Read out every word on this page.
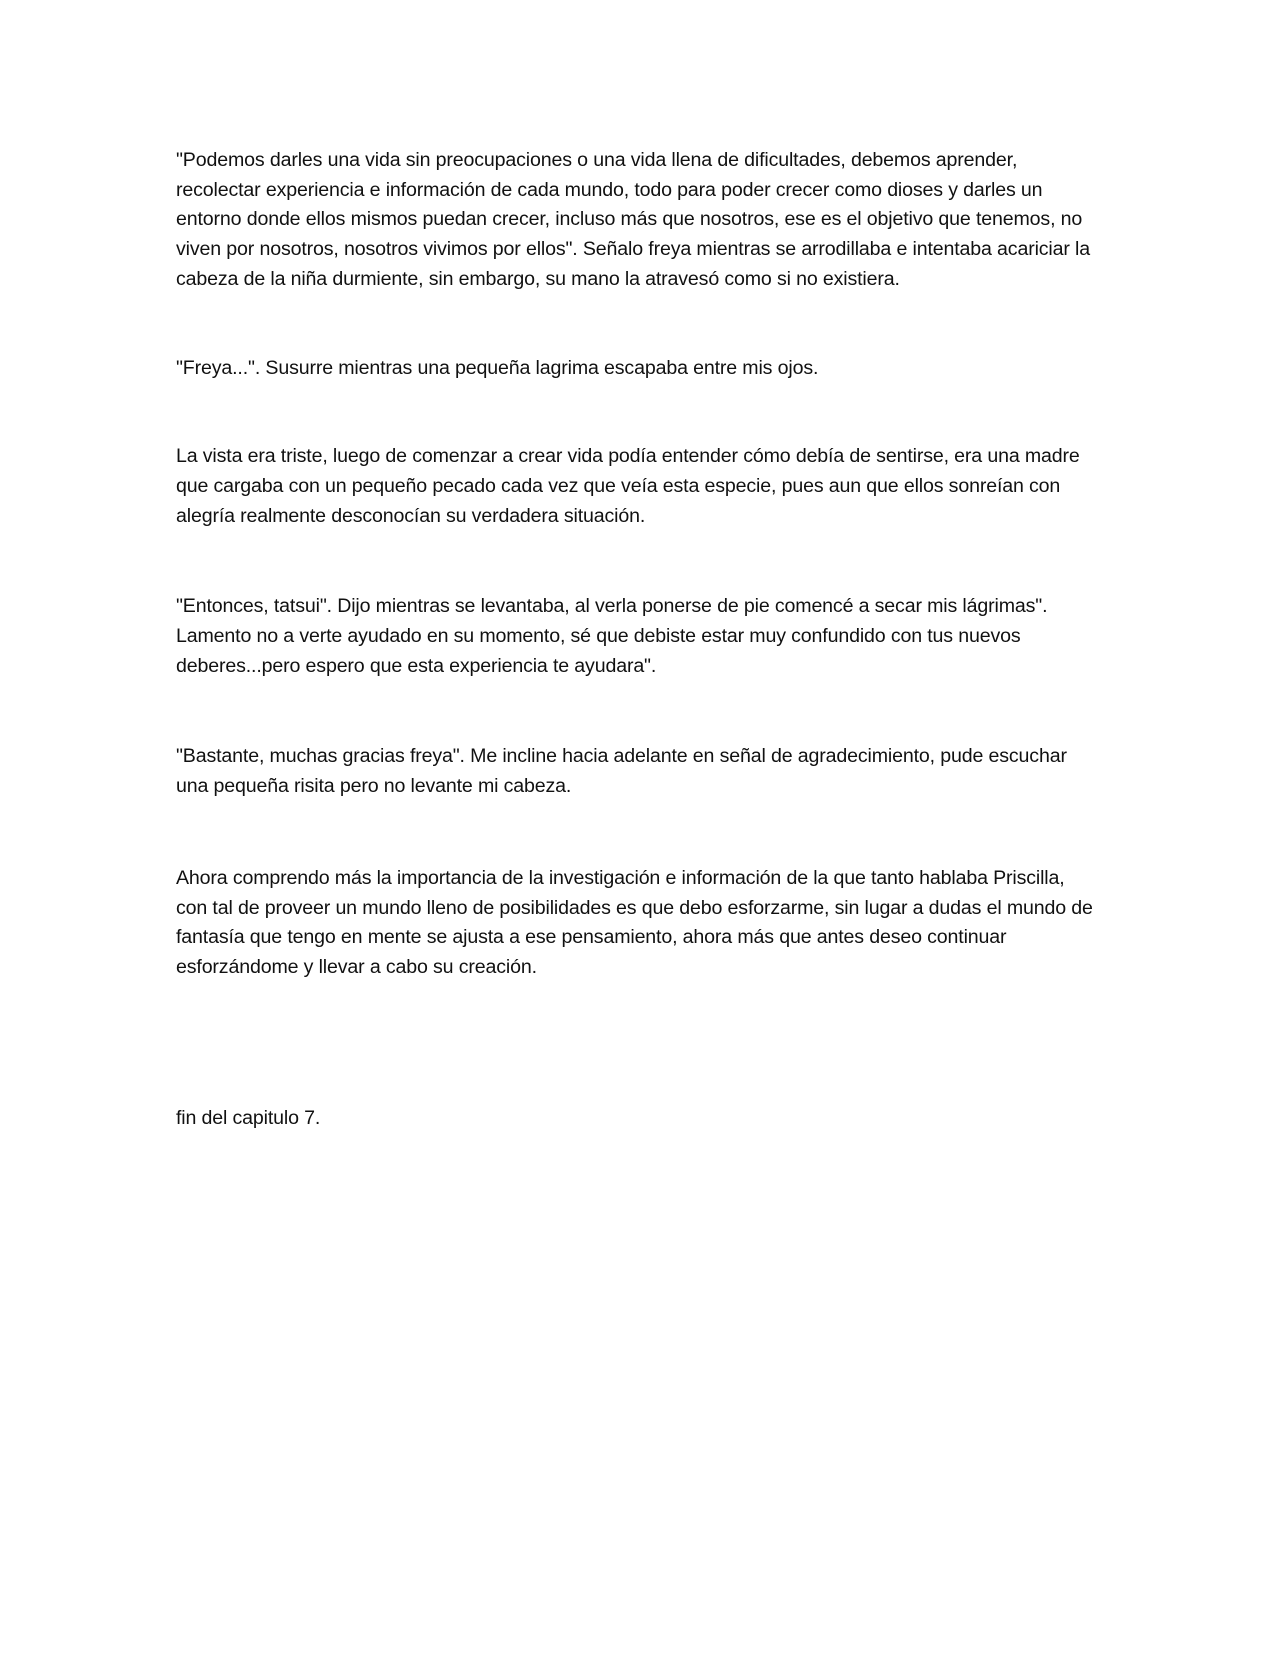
"Podemos darles una vida sin preocupaciones o una vida llena de dificultades, debemos aprender, recolectar experiencia e información de cada mundo, todo para poder crecer como dioses y darles un entorno donde ellos mismos puedan crecer, incluso más que nosotros, ese es el objetivo que tenemos, no viven por nosotros, nosotros vivimos por ellos". Señalo freya mientras se arrodillaba e intentaba acariciar la cabeza de la niña durmiente, sin embargo, su mano la atravesó como si no existiera.

"Freya...". Susurre mientras una pequeña lagrima escapaba entre mis ojos.

La vista era triste, luego de comenzar a crear vida podía entender cómo debía de sentirse, era una madre que cargaba con un pequeño pecado cada vez que veía esta especie, pues aun que ellos sonreían con alegría realmente desconocían su verdadera situación.

"Entonces, tatsui". Dijo mientras se levantaba, al verla ponerse de pie comencé a secar mis lágrimas". Lamento no a verte ayudado en su momento, sé que debiste estar muy confundido con tus nuevos deberes...pero espero que esta experiencia te ayudara".

"Bastante, muchas gracias freya". Me incline hacia adelante en señal de agradecimiento, pude escuchar una pequeña risita pero no levante mi cabeza.

Ahora comprendo más la importancia de la investigación e información de la que tanto hablaba Priscilla, con tal de proveer un mundo lleno de posibilidades es que debo esforzarme, sin lugar a dudas el mundo de fantasía que tengo en mente se ajusta a ese pensamiento, ahora más que antes deseo continuar esforzándome y llevar a cabo su creación.

fin del capitulo 7.
